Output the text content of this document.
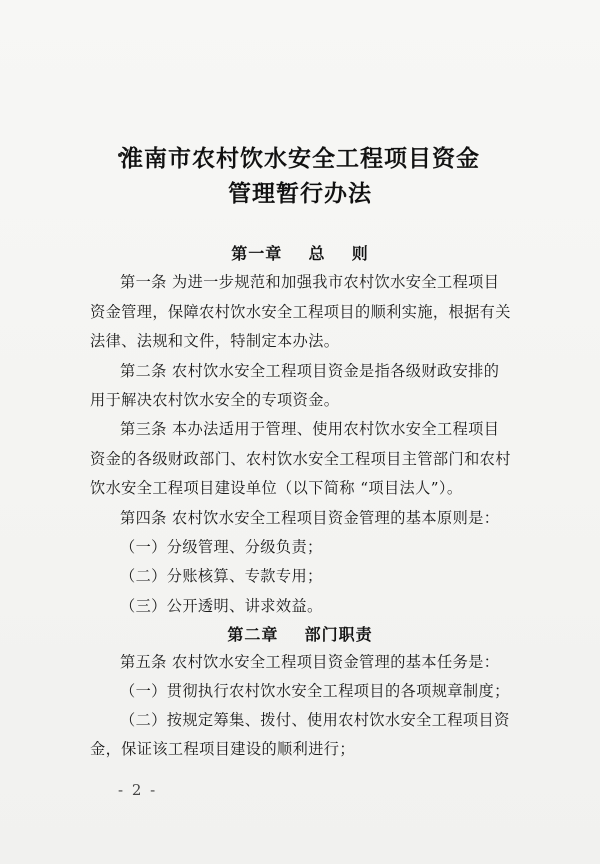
淮南市农村饮水安全工程项目资金
管理暂行办法
第一章    总    则
第一条 为进一步规范和加强我市农村饮水安全工程项目
资金管理，保障农村饮水安全工程项目的顺利实施，根据有关
法律、法规和文件，特制定本办法。
第二条 农村饮水安全工程项目资金是指各级财政安排的
用于解决农村饮水安全的专项资金。
第三条 本办法适用于管理、使用农村饮水安全工程项目
资金的各级财政部门、农村饮水安全工程项目主管部门和农村
饮水安全工程项目建设单位（以下简称 “项目法人”）。
第四条 农村饮水安全工程项目资金管理的基本原则是：
（一）分级管理、分级负责；
（二）分账核算、专款专用；
（三）公开透明、讲求效益。
第二章    部门职责
第五条 农村饮水安全工程项目资金管理的基本任务是：
（一）贯彻执行农村饮水安全工程项目的各项规章制度；
（二）按规定筹集、拨付、使用农村饮水安全工程项目资
金，保证该工程项目建设的顺利进行；
- 2 -
